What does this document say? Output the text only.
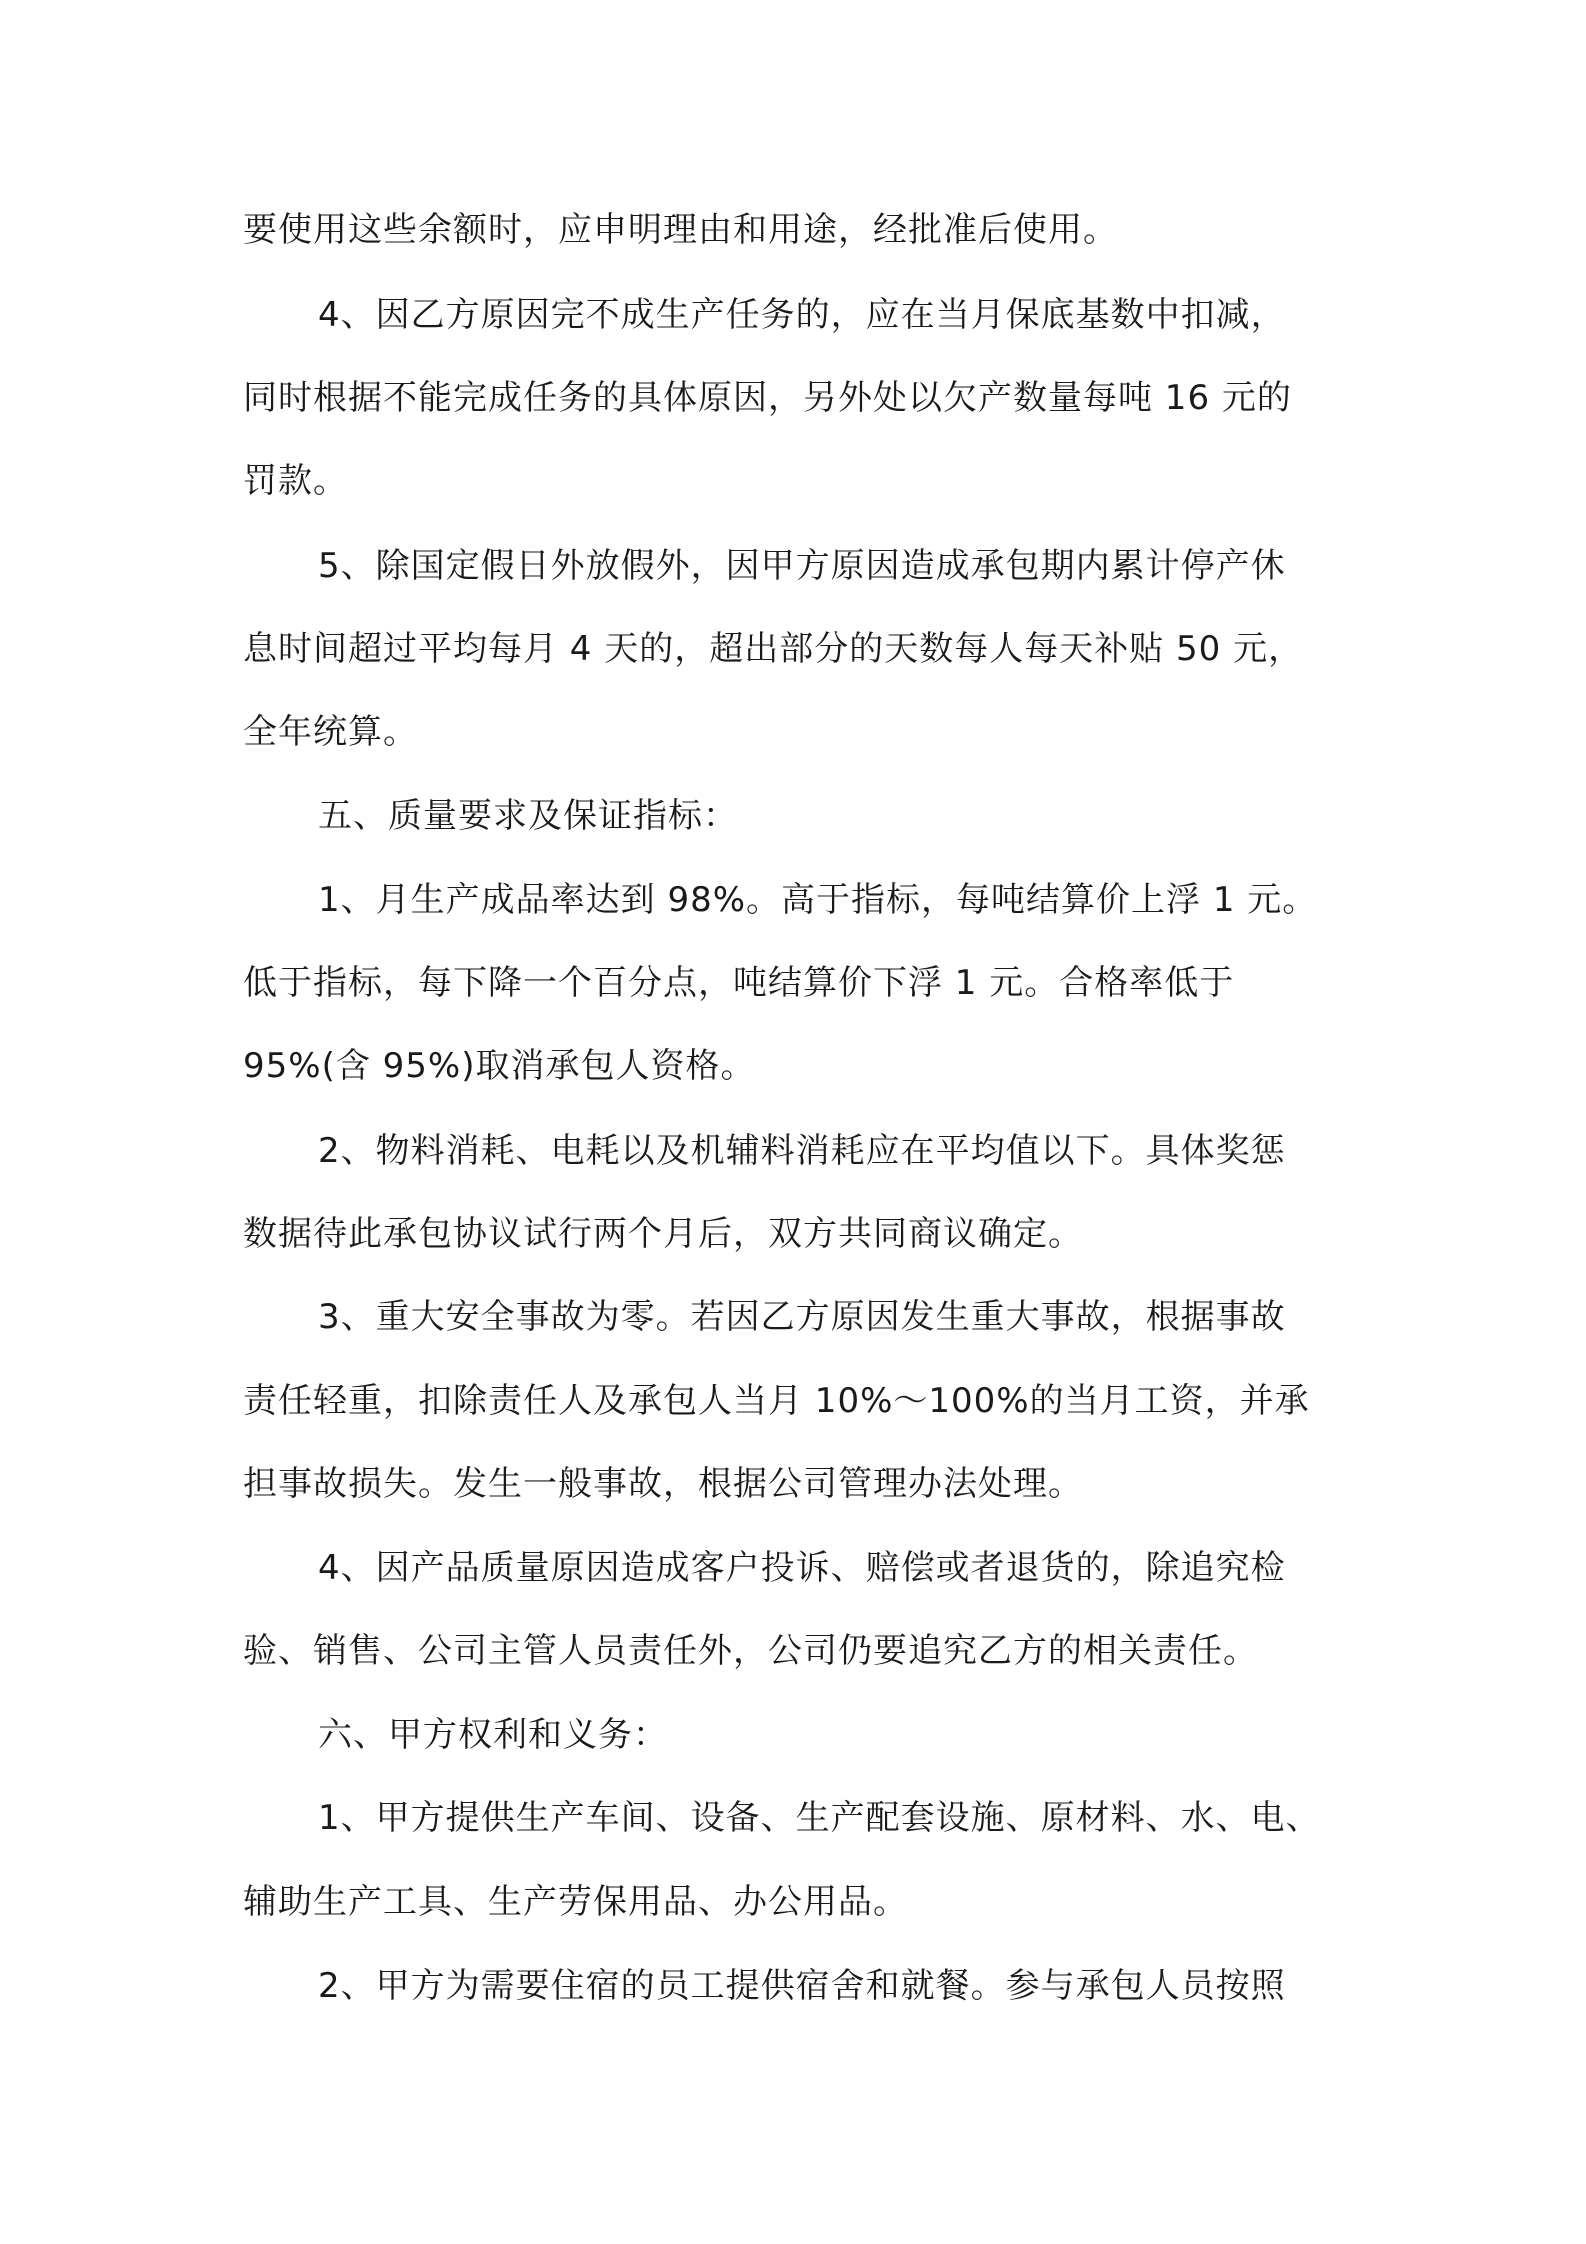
要使用这些余额时，应申明理由和用途，经批准后使用。
4、因乙方原因完不成生产任务的，应在当月保底基数中扣减，
同时根据不能完成任务的具体原因，另外处以欠产数量每吨 16 元的
罚款。
5、除国定假日外放假外，因甲方原因造成承包期内累计停产休
息时间超过平均每月 4 天的，超出部分的天数每人每天补贴 50 元，
全年统算。
五、质量要求及保证指标：
1、月生产成品率达到 98%。高于指标，每吨结算价上浮 1 元。
低于指标，每下降一个百分点，吨结算价下浮 1 元。合格率低于
95%(含 95%)取消承包人资格。
2、物料消耗、电耗以及机辅料消耗应在平均值以下。具体奖惩
数据待此承包协议试行两个月后，双方共同商议确定。
3、重大安全事故为零。若因乙方原因发生重大事故，根据事故
责任轻重，扣除责任人及承包人当月 10%～100%的当月工资，并承
担事故损失。发生一般事故，根据公司管理办法处理。
4、因产品质量原因造成客户投诉、赔偿或者退货的，除追究检
验、销售、公司主管人员责任外，公司仍要追究乙方的相关责任。
六、甲方权利和义务：
1、甲方提供生产车间、设备、生产配套设施、原材料、水、电、
辅助生产工具、生产劳保用品、办公用品。
2、甲方为需要住宿的员工提供宿舍和就餐。参与承包人员按照
